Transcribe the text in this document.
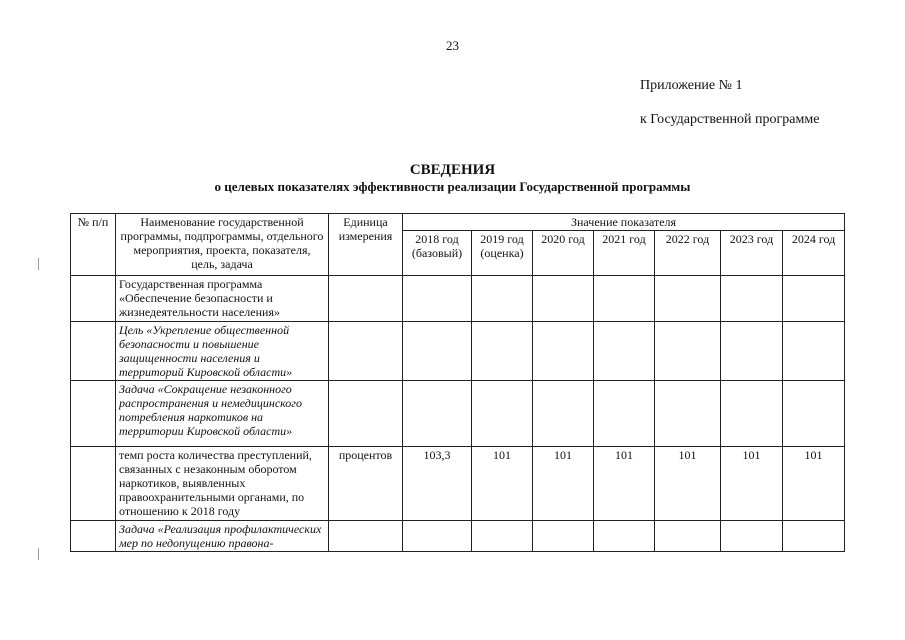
23
Приложение № 1
к Государственной программе
СВЕДЕНИЯ
о целевых показателях эффективности реализации Государственной программы
№ п/п	Наименование государственной программы, подпрограммы, отдельного мероприятия, проекта, показателя, цель, задача	Единица измерения	Значение показателя						
			2018 год (базовый)	2019 год (оценка)	2020 год	2021 год	2022 год	2023 год	2024 год
	Государственная программа «Обеспечение безопасности и жизнедеятельности населения»								
	Цель «Укрепление общественной безопасности и повышение защищенности населения и территорий Кировской области»								
	Задача «Сокращение незаконного распространения и немедицинского потребления наркотиков на территории Кировской области»								
	темп роста количества преступлений, связанных с незаконным оборотом наркотиков, выявленных правоохранительными органами, по отношению к 2018 году	процентов	103,3	101	101	101	101	101	101
	Задача «Реализация профилактических мер по недопущению правона-								
